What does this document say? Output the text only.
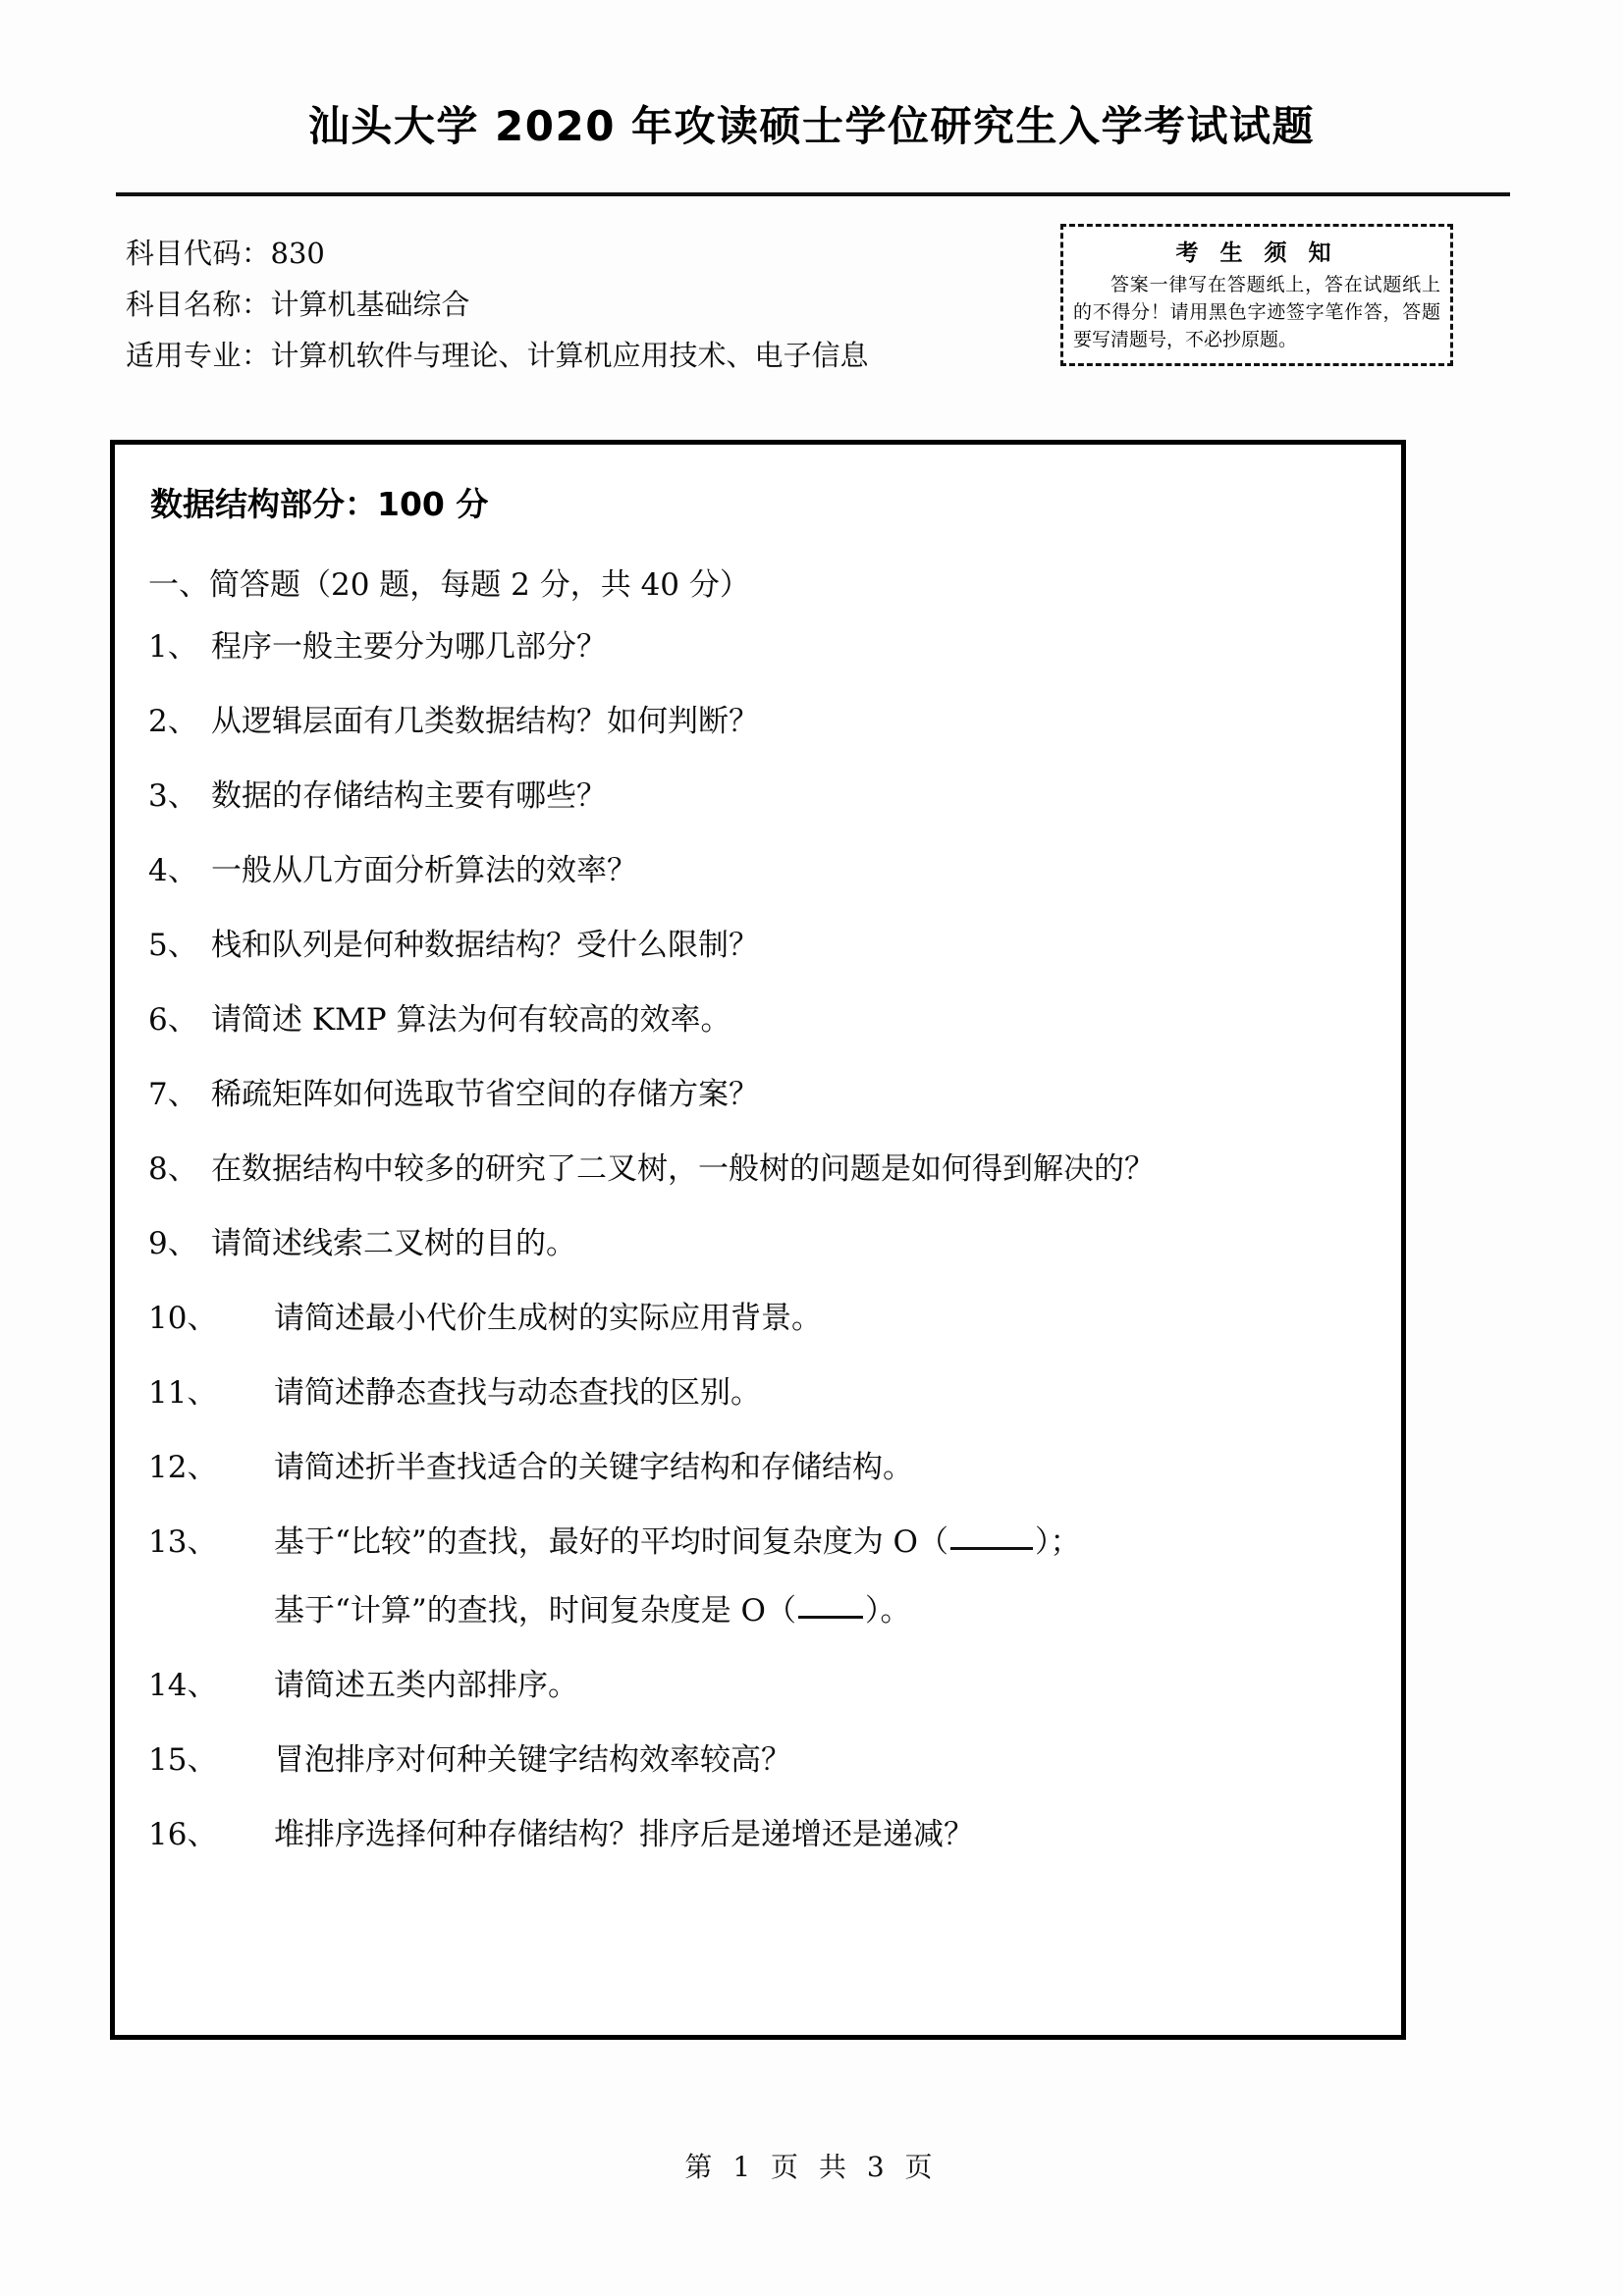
汕头大学 2020 年攻读硕士学位研究生入学考试试题
科目代码：830
科目名称：计算机基础综合
适用专业：计算机软件与理论、计算机应用技术、电子信息
考 生 须 知
答案一律写在答题纸上，答在试题纸上的不得分！请用黑色字迹签字笔作答，答题要写清题号，不必抄原题。
数据结构部分：100 分
一、简答题（20 题，每题 2 分，共 40 分）
1、 程序一般主要分为哪几部分？
2、 从逻辑层面有几类数据结构？如何判断？
3、 数据的存储结构主要有哪些？
4、 一般从几方面分析算法的效率？
5、 栈和队列是何种数据结构？受什么限制？
6、 请简述 KMP 算法为何有较高的效率。
7、 稀疏矩阵如何选取节省空间的存储方案？
8、 在数据结构中较多的研究了二叉树，一般树的问题是如何得到解决的？
9、 请简述线索二叉树的目的。
10、	请简述最小代价生成树的实际应用背景。
11、	请简述静态查找与动态查找的区别。
12、	请简述折半查找适合的关键字结构和存储结构。
13、	基于“比较”的查找，最好的平均时间复杂度为 O（	）；
基于“计算”的查找，时间复杂度是 O（ ）。
14、	请简述五类内部排序。
15、	冒泡排序对何种关键字结构效率较高？
16、	堆排序选择何种存储结构？排序后是递增还是递减？
第 1 页 共 3 页
